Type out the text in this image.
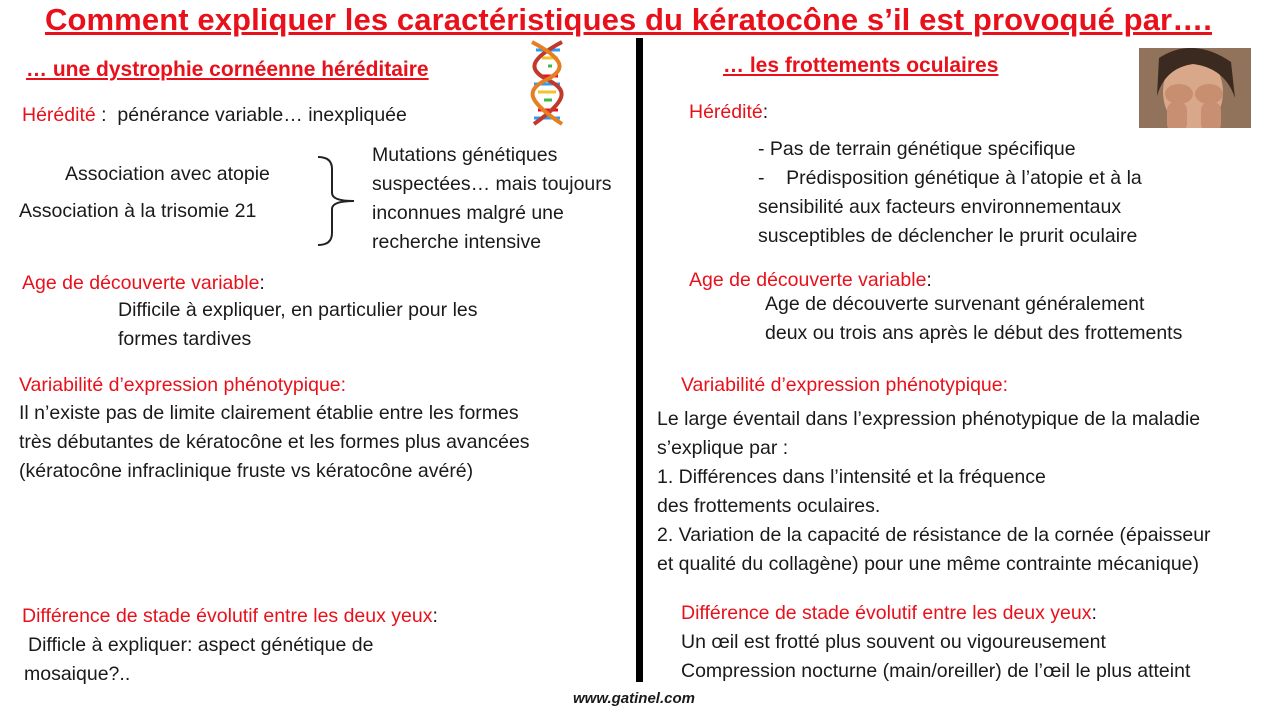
Comment expliquer les caractéristiques du kératocône s’il est provoqué par….
… une dystrophie cornéenne héréditaire
Hérédité : pénérance variable… inexpliquée
Association avec atopie
Association à la trisomie 21
Mutations génétiques
suspectées… mais toujours
inconnues malgré une
recherche intensive
Age de découverte variable:
Difficile à expliquer, en particulier pour les
formes tardives
Variabilité d’expression phénotypique:
Il n’existe pas de limite clairement établie entre les formes
très débutantes de kératocône et les formes plus avancées
(kératocône infraclinique fruste vs kératocône avéré)
Différence de stade évolutif entre les deux yeux:
Difficle à expliquer: aspect génétique de
mosaique?..
… les frottements oculaires
Hérédité:
- Pas de terrain génétique spécifique
-    Prédisposition génétique à l’atopie et à la
sensibilité aux facteurs environnementaux
susceptibles de déclencher le prurit oculaire
Age de découverte variable:
Age de découverte survenant généralement
deux ou trois ans après le début des frottements
Variabilité d’expression phénotypique:
Le large éventail dans l’expression phénotypique de la maladie
s’explique par :
1. Différences dans l’intensité et la fréquence
des frottements oculaires.
2. Variation de la capacité de résistance de la cornée (épaisseur
et qualité du collagène) pour une même contrainte mécanique)
Différence de stade évolutif entre les deux yeux:
Un œil est frotté plus souvent ou vigoureusement
Compression nocturne (main/oreiller) de l’œil le plus atteint
www.gatinel.com
